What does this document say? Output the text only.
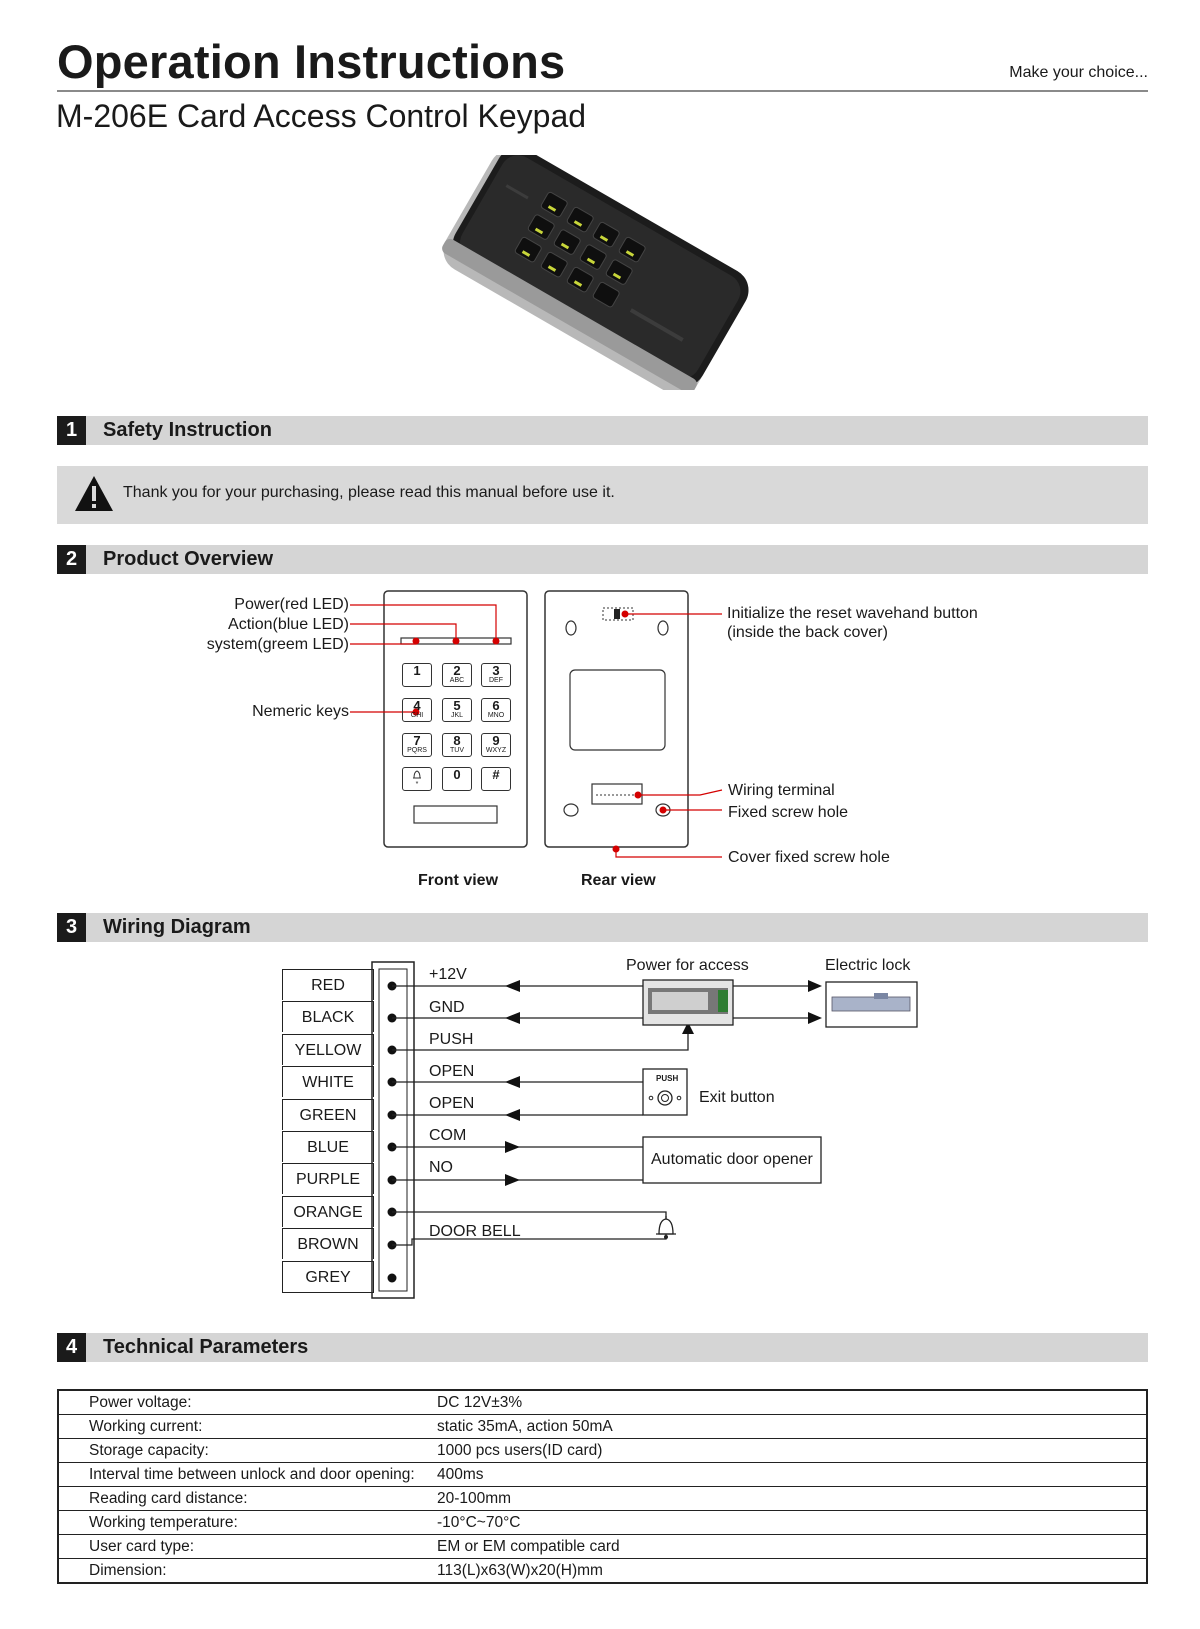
Operation Instructions	Make your choice...
M-206E Card Access Control Keypad
1	Safety Instruction
Thank you for your purchasing, please read this manual before use it.
2	Product Overview
1	2
ABC
3
DEF
4
GHI
5
JKL
6
MNO
7
PQRS
8
TUV
9
WXYZ
*
0	#
Power(red LED)
Action(blue LED)
system(greem LED)
Nemeric keys
Initialize the reset wavehand button
(inside the back cover)
Wiring terminal
Fixed screw hole
Cover fixed screw hole
Front view	Rear view
3	Wiring Diagram
RED
BLACK
YELLOW
WHITE
GREEN
BLUE
PURPLE
ORANGE
BROWN
GREY
+12V
GND
PUSH
OPEN
OPEN
COM
NO
DOOR BELL
Power for access	Electric lock
PUSH
Exit button
Automatic door opener
4	Technical Parameters
Power voltage:	DC 12V±3%
Working current:	static 35mA, action 50mA
Storage capacity:	1000 pcs users(ID card)
Interval time between unlock and door opening:	400ms
Reading card distance:	20-100mm
Working temperature:	-10°C~70°C
User card type:	EM or EM compatible card
Dimension:	113(L)x63(W)x20(H)mm
